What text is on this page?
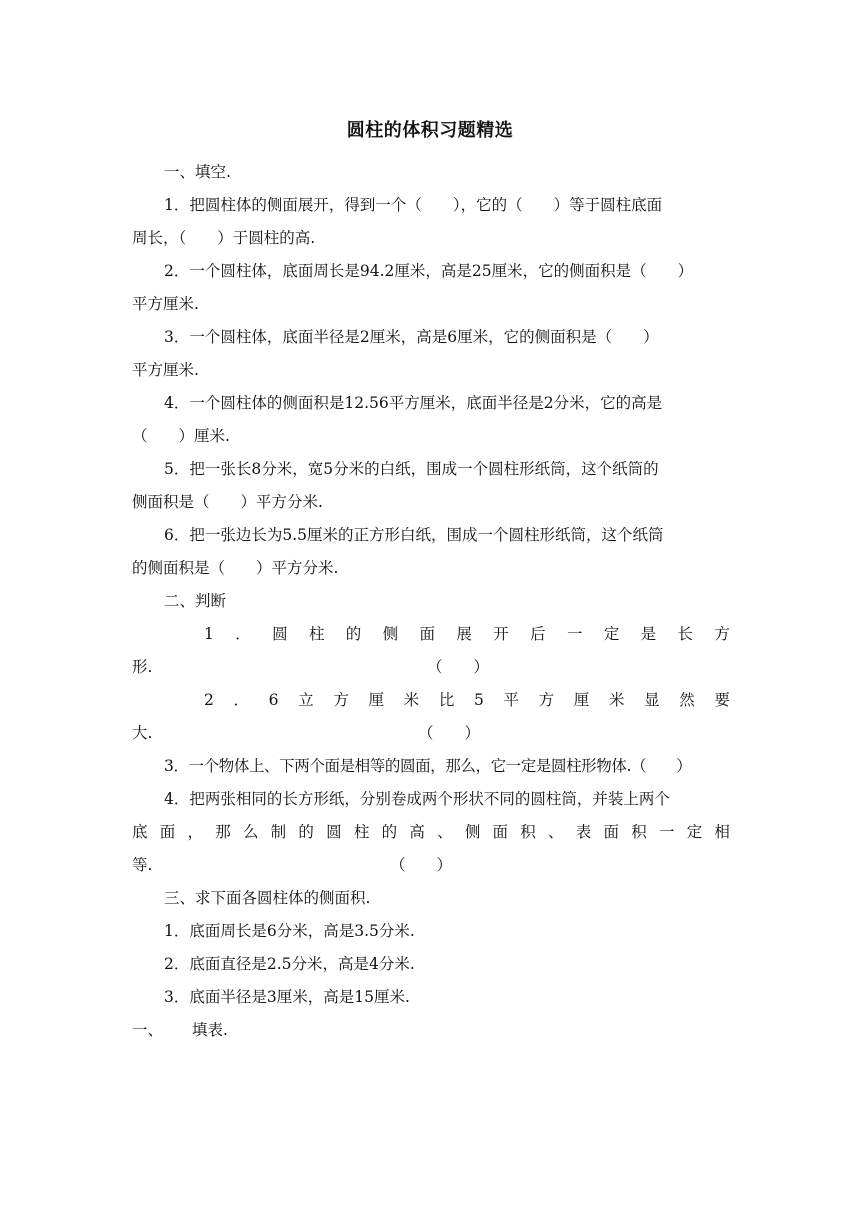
圆柱的体积习题精选

一、填空.

1．把圆柱体的侧面展开，得到一个（　　），它的（　　）等于圆柱底面

周长，（　　）于圆柱的高.

2．一个圆柱体，底面周长是94.2厘米，高是25厘米，它的侧面积是（　　）

平方厘米.

3．一个圆柱体，底面半径是2厘米，高是6厘米，它的侧面积是（　　）

平方厘米.

4．一个圆柱体的侧面积是12.56平方厘米，底面半径是2分米，它的高是

（　　）厘米.

5．把一张长8分米，宽5分米的白纸，围成一个圆柱形纸筒，这个纸筒的

侧面积是（　　）平方分米.

6．把一张边长为5.5厘米的正方形白纸，围成一个圆柱形纸筒，这个纸筒

的侧面积是（　　）平方分米.

二、判断

1 ． 圆 柱 的 侧 面 展 开 后 一 定 是 长 方
形.	（　　）
2 ． 6 立 方 厘 米 比 5 平 方 厘 米 显 然 要
大.	（　　）

3．一个物体上、下两个面是相等的圆面，那么，它一定是圆柱形物体.（　　）

4．把两张相同的长方形纸，分别卷成两个形状不同的圆柱筒，并装上两个

底 面 ， 那 么 制 的 圆 柱 的 高 、 侧 面 积 、 表 面 积 一 定 相
等.	（　　）

三、求下面各圆柱体的侧面积.

1．底面周长是6分米，高是3.5分米.

2．底面直径是2.5分米，高是4分米.

3．底面半径是3厘米，高是15厘米.

一、 填表.
